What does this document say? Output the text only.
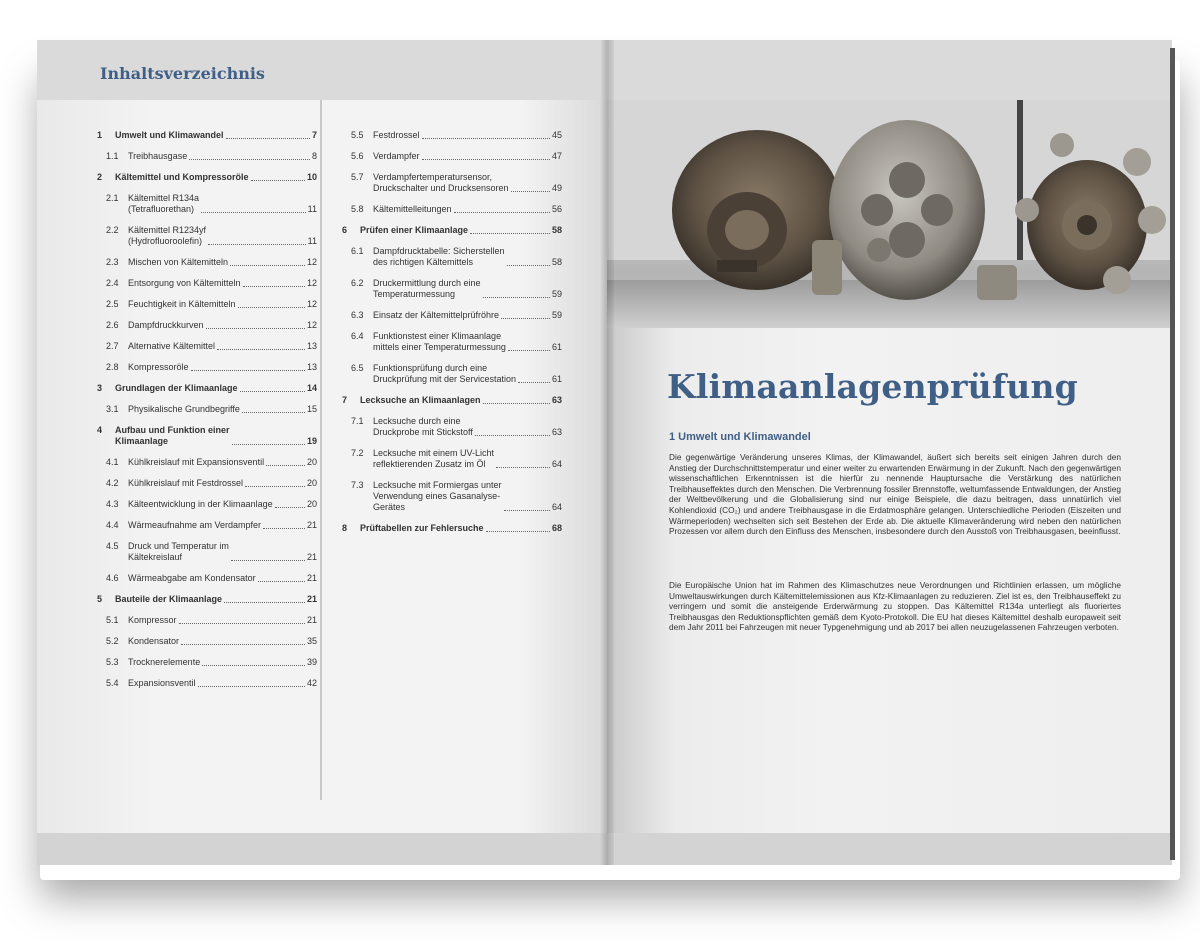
Inhaltsverzeichnis
1	Umwelt und Klimawandel	7
1.1	Treibhausgase	8
2	Kältemittel und Kompressoröle	10
2.1	Kältemittel R134a
(Tetrafluorethan)	11
2.2	Kältemittel R1234yf
(Hydrofluoroolefin)	11
2.3	Mischen von Kältemitteln	12
2.4	Entsorgung von Kältemitteln	12
2.5	Feuchtigkeit in Kältemitteln	12
2.6	Dampfdruckkurven	12
2.7	Alternative Kältemittel	13
2.8	Kompressoröle	13
3	Grundlagen der Klimaanlage	14
3.1	Physikalische Grundbegriffe	15
4	Aufbau und Funktion einer
Klimaanlage	19
4.1	Kühlkreislauf mit Expansionsventil	20
4.2	Kühlkreislauf mit Festdrossel	20
4.3	Kälteentwicklung in der Klimaanlage	20
4.4	Wärmeaufnahme am Verdampfer	21
4.5	Druck und Temperatur im
Kältekreislauf	21
4.6	Wärmeabgabe am Kondensator	21
5	Bauteile der Klimaanlage	21
5.1	Kompressor	21
5.2	Kondensator	35
5.3	Trocknerelemente	39
5.4	Expansionsventil	42
5.5	Festdrossel	45
5.6	Verdampfer	47
5.7	Verdampfertemperatursensor,
Druckschalter und Drucksensoren	49
5.8	Kältemittelleitungen	56
6	Prüfen einer Klimaanlage	58
6.1	Dampfdrucktabelle: Sicherstellen
des richtigen Kältemittels	58
6.2	Druckermittlung durch eine
Temperaturmessung	59
6.3	Einsatz der Kältemittelprüfröhre	59
6.4	Funktionstest einer Klimaanlage
mittels einer Temperaturmessung	61
6.5	Funktionsprüfung durch eine
Druckprüfung mit der Servicestation	61
7	Lecksuche an Klimaanlagen	63
7.1	Lecksuche durch eine
Druckprobe mit Stickstoff	63
7.2	Lecksuche mit einem UV-Licht
reflektierenden Zusatz im Öl	64
7.3	Lecksuche mit Formiergas unter
Verwendung eines Gasanalyse-
Gerätes	64
8	Prüftabellen zur Fehlersuche	68
Klimaanlagenprüfung
1 Umwelt und Klimawandel
Die gegenwärtige Veränderung unseres Klimas, der Klimawandel, äußert sich bereits seit einigen Jahren durch den Anstieg der Durchschnittstemperatur und einer weiter zu erwartenden Erwärmung in der Zukunft. Nach den gegenwärtigen wissenschaftlichen Erkenntnissen ist die hierfür zu nennende Hauptursache die Verstärkung des natürlichen Treibhauseffektes durch den Menschen. Die Verbrennung fossiler Brennstoffe, weltumfassende Entwaldungen, der Anstieg der Weltbevölkerung und die Globalisierung sind nur einige Beispiele, die dazu beitragen, dass unnatürlich viel Kohlendioxid (CO₂) und andere Treibhausgase in die Erdatmosphäre gelangen. Unterschiedliche Perioden (Eiszeiten und Wärmeperioden) wechselten sich seit Bestehen der Erde ab. Die aktuelle Klimaveränderung wird neben den natürlichen Prozessen vor allem durch den Einfluss des Menschen, insbesondere durch den Ausstoß von Treibhausgasen, beeinflusst.
Die Europäische Union hat im Rahmen des Klimaschutzes neue Verordnungen und Richtlinien erlassen, um mögliche Umweltauswirkungen durch Kältemittelemissionen aus Kfz-Klimaanlagen zu reduzieren. Ziel ist es, den Treibhauseffekt zu verringern und somit die ansteigende Erderwärmung zu stoppen. Das Kältemittel R134a unterliegt als fluoriertes Treibhausgas den Reduktionspflichten gemäß dem Kyoto-Protokoll. Die EU hat dieses Kältemittel deshalb europaweit seit dem Jahr 2011 bei Fahrzeugen mit neuer Typgenehmigung und ab 2017 bei allen neuzugelassenen Fahrzeugen verboten.
